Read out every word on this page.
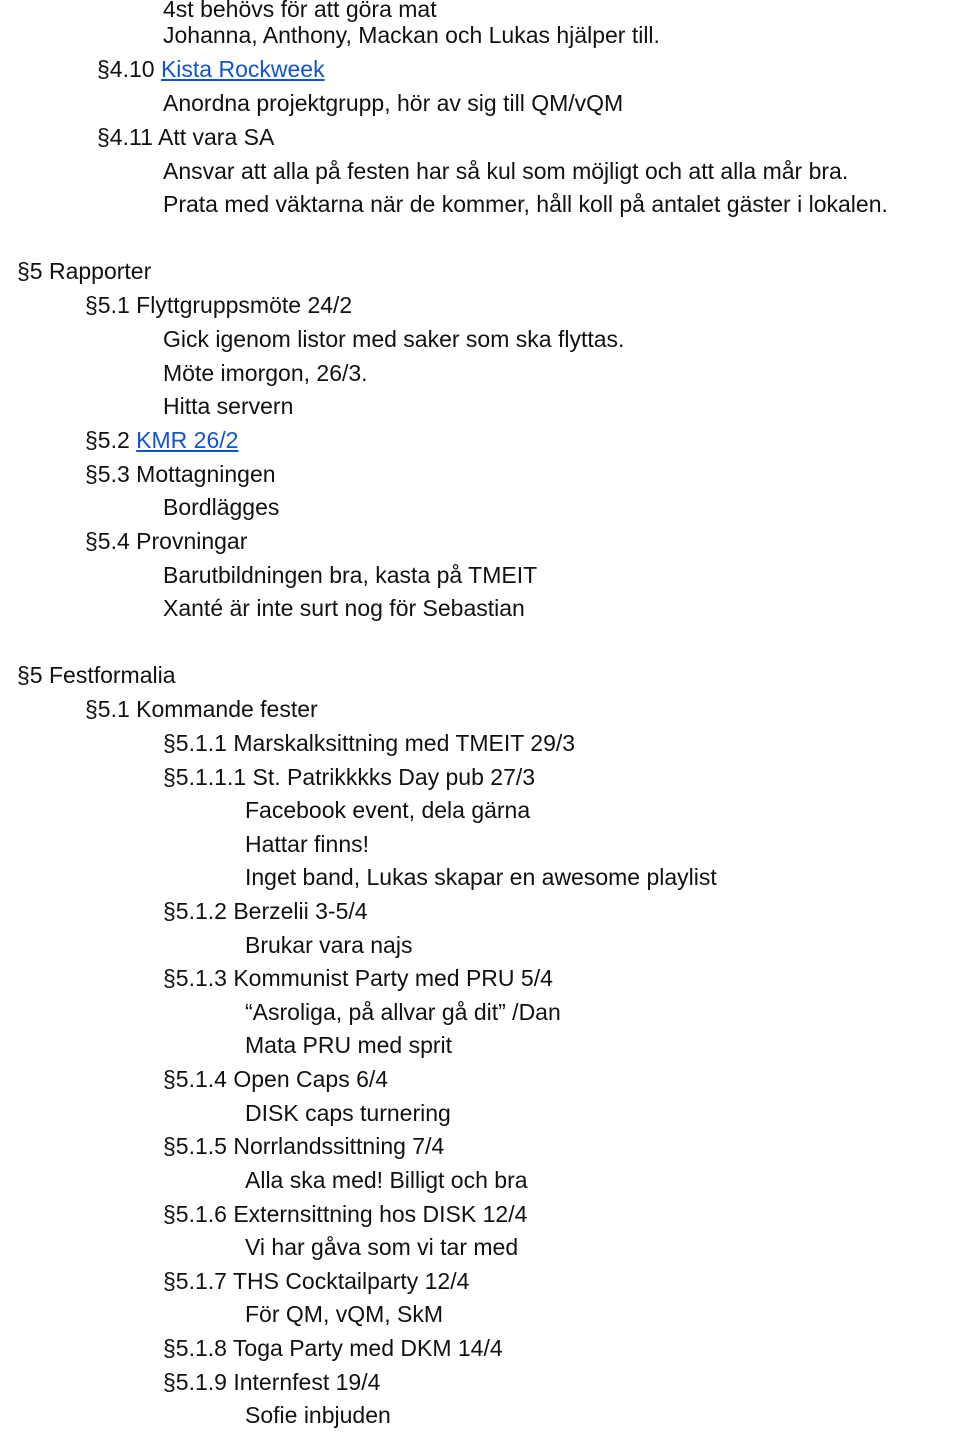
4st behövs för att göra mat
Johanna, Anthony, Mackan och Lukas hjälper till.
§4.10 Kista Rockweek
Anordna projektgrupp, hör av sig till QM/vQM
§4.11 Att vara SA
Ansvar att alla på festen har så kul som möjligt och att alla mår bra.
Prata med väktarna när de kommer, håll koll på antalet gäster i lokalen.
§5 Rapporter
§5.1 Flyttgruppsmöte 24/2
Gick igenom listor med saker som ska flyttas.
Möte imorgon, 26/3.
Hitta servern
§5.2 KMR 26/2
§5.3 Mottagningen
Bordlägges
§5.4 Provningar
Barutbildningen bra, kasta på TMEIT
Xanté är inte surt nog för Sebastian
§5 Festformalia
§5.1 Kommande fester
§5.1.1 Marskalksittning med TMEIT 29/3
§5.1.1.1 St. Patrikkkks Day pub 27/3
Facebook event, dela gärna
Hattar finns!
Inget band, Lukas skapar en awesome playlist
§5.1.2 Berzelii 3-5/4
Brukar vara najs
§5.1.3 Kommunist Party med PRU 5/4
“Asroliga, på allvar gå dit” /Dan
Mata PRU med sprit
§5.1.4 Open Caps 6/4
DISK caps turnering
§5.1.5 Norrlandssittning 7/4
Alla ska med! Billigt och bra
§5.1.6 Externsittning hos DISK 12/4
Vi har gåva som vi tar med
§5.1.7 THS Cocktailparty 12/4
För QM, vQM, SkM
§5.1.8 Toga Party med DKM 14/4
§5.1.9 Internfest 19/4
Sofie inbjuden
